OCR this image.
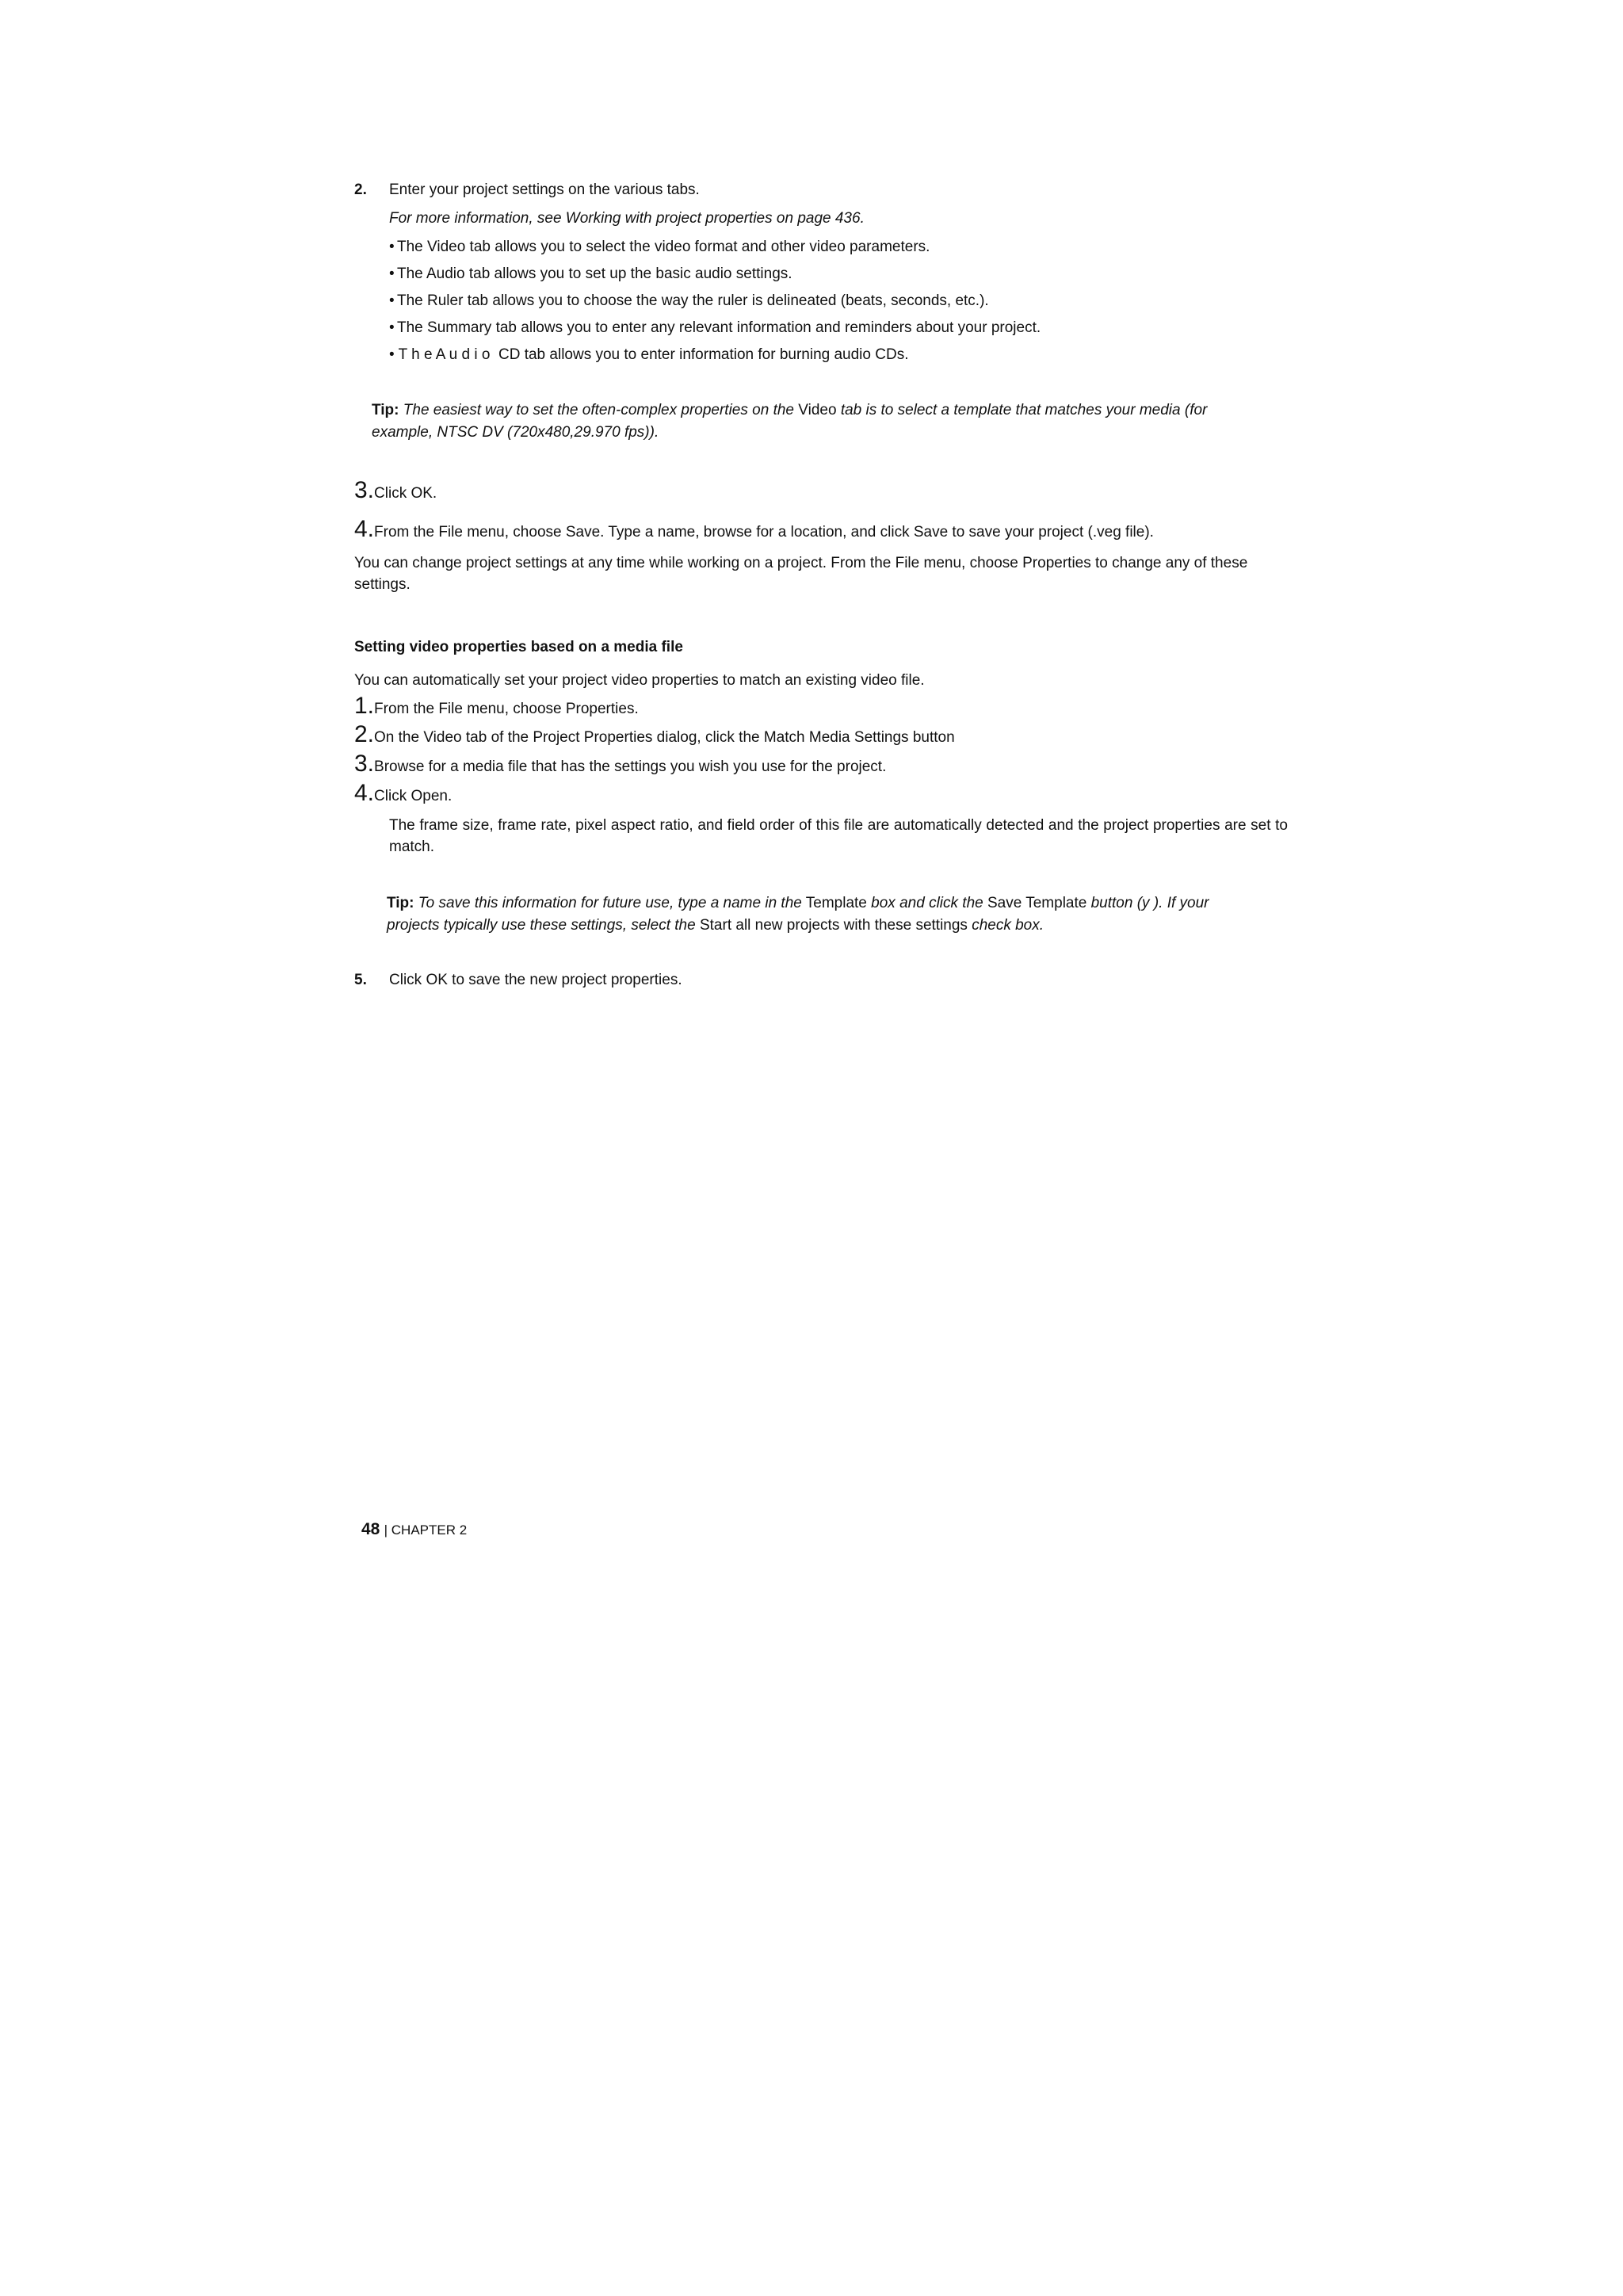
2. Enter your project settings on the various tabs.
For more information, see Working with project properties on page 436.
• The Video tab allows you to select the video format and other video parameters.
• The Audio tab allows you to set up the basic audio settings.
• The Ruler tab allows you to choose the way the ruler is delineated (beats, seconds, etc.).
• The Summary tab allows you to enter any relevant information and reminders about your project.
• T h e A u d i o  CD tab allows you to enter information for burning audio CDs.
Tip: The easiest way to set the often-complex properties on the Video tab is to select a template that matches your media (for
example, NTSC DV (720x480,29.970 fps)).
3.Click OK.
4.From the File menu, choose Save. Type a name, browse for a location, and click Save to save your project (.veg file).
You can change project settings at any time while working on a project. From the File menu, choose Properties to change any of these settings.
Setting video properties based on a media file
You can automatically set your project video properties to match an existing video file.
1.From the File menu, choose Properties.
2.On the Video tab of the Project Properties dialog, click the Match Media Settings button
3.Browse for a media file that has the settings you wish you use for the project.
4.Click Open.
The frame size, frame rate, pixel aspect ratio, and field order of this file are automatically detected and the project properties are set to match.
Tip: To save this information for future use, type a name in the Template box and click the Save Template button (y ). If your
projects typically use these settings, select the Start all new projects with these settings check box.
5. Click OK to save the new project properties.
48 | CHAPTER 2
